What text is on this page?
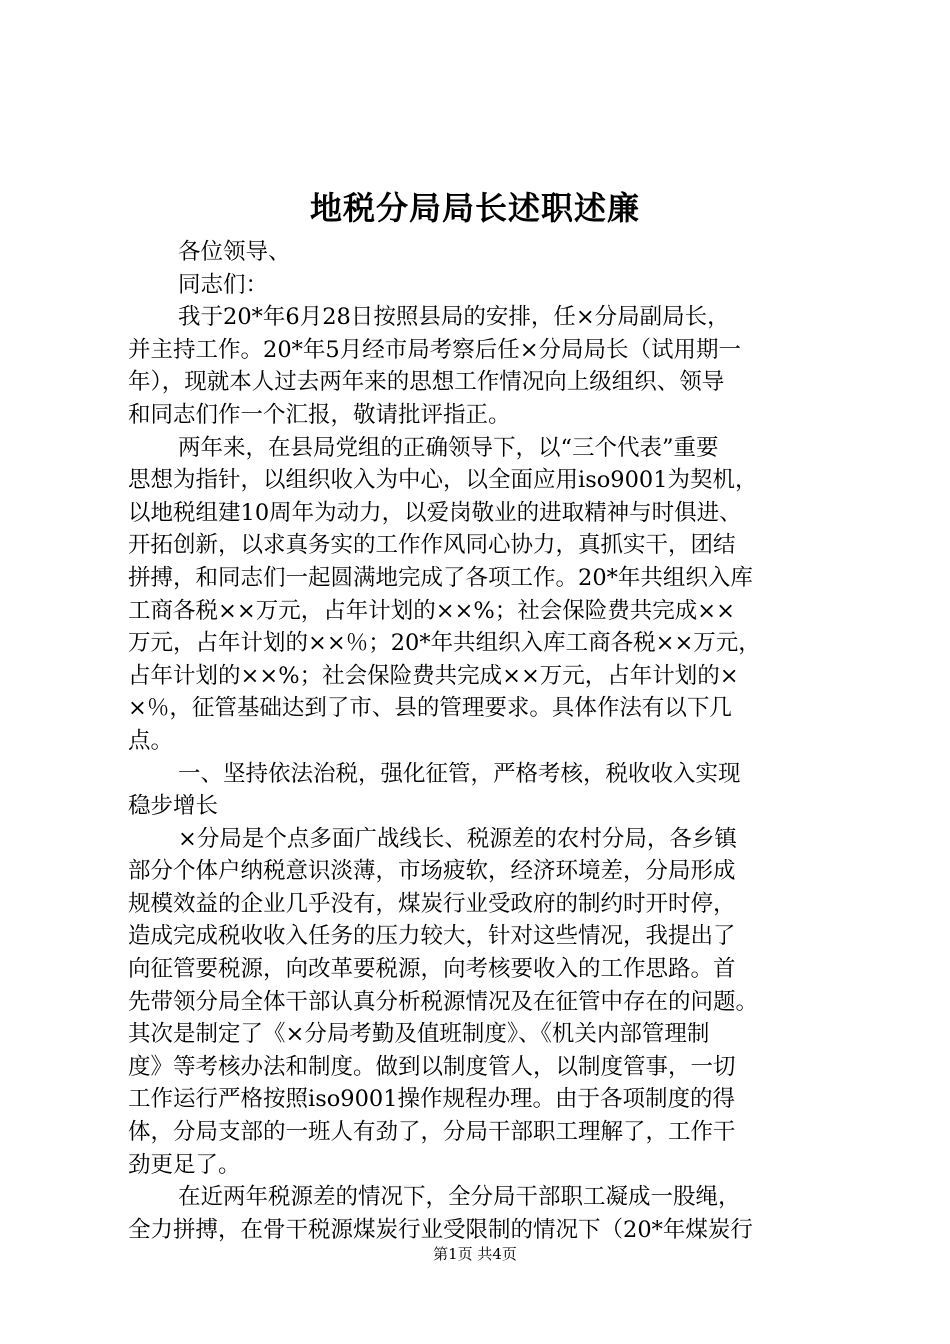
地税分局局长述职述廉
各位领导、
同志们：
我于20*年6月28日按照县局的安排，任×分局副局长，
并主持工作。20*年5月经市局考察后任×分局局长（试用期一
年），现就本人过去两年来的思想工作情况向上级组织、领导
和同志们作一个汇报，敬请批评指正。
两年来，在县局党组的正确领导下，以“三个代表”重要
思想为指针，以组织收入为中心，以全面应用iso9001为契机，
以地税组建10周年为动力，以爱岗敬业的进取精神与时俱进、
开拓创新，以求真务实的工作作风同心协力，真抓实干，团结
拼搏，和同志们一起圆满地完成了各项工作。20*年共组织入库
工商各税××万元，占年计划的××%；社会保险费共完成××
万元，占年计划的××％；20*年共组织入库工商各税××万元，
占年计划的××%；社会保险费共完成××万元，占年计划的×
×％，征管基础达到了市、县的管理要求。具体作法有以下几
点。
一、坚持依法治税，强化征管，严格考核，税收收入实现
稳步增长
×分局是个点多面广战线长、税源差的农村分局，各乡镇
部分个体户纳税意识淡薄，市场疲软，经济环境差，分局形成
规模效益的企业几乎没有，煤炭行业受政府的制约时开时停，
造成完成税收收入任务的压力较大，针对这些情况，我提出了
向征管要税源，向改革要税源，向考核要收入的工作思路。首
先带领分局全体干部认真分析税源情况及在征管中存在的问题。
其次是制定了《×分局考勤及值班制度》、《机关内部管理制
度》等考核办法和制度。做到以制度管人，以制度管事，一切
工作运行严格按照iso9001操作规程办理。由于各项制度的得
体，分局支部的一班人有劲了，分局干部职工理解了，工作干
劲更足了。
在近两年税源差的情况下，全分局干部职工凝成一股绳，
全力拼搏，在骨干税源煤炭行业受限制的情况下（20*年煤炭行
第1页 共4页
